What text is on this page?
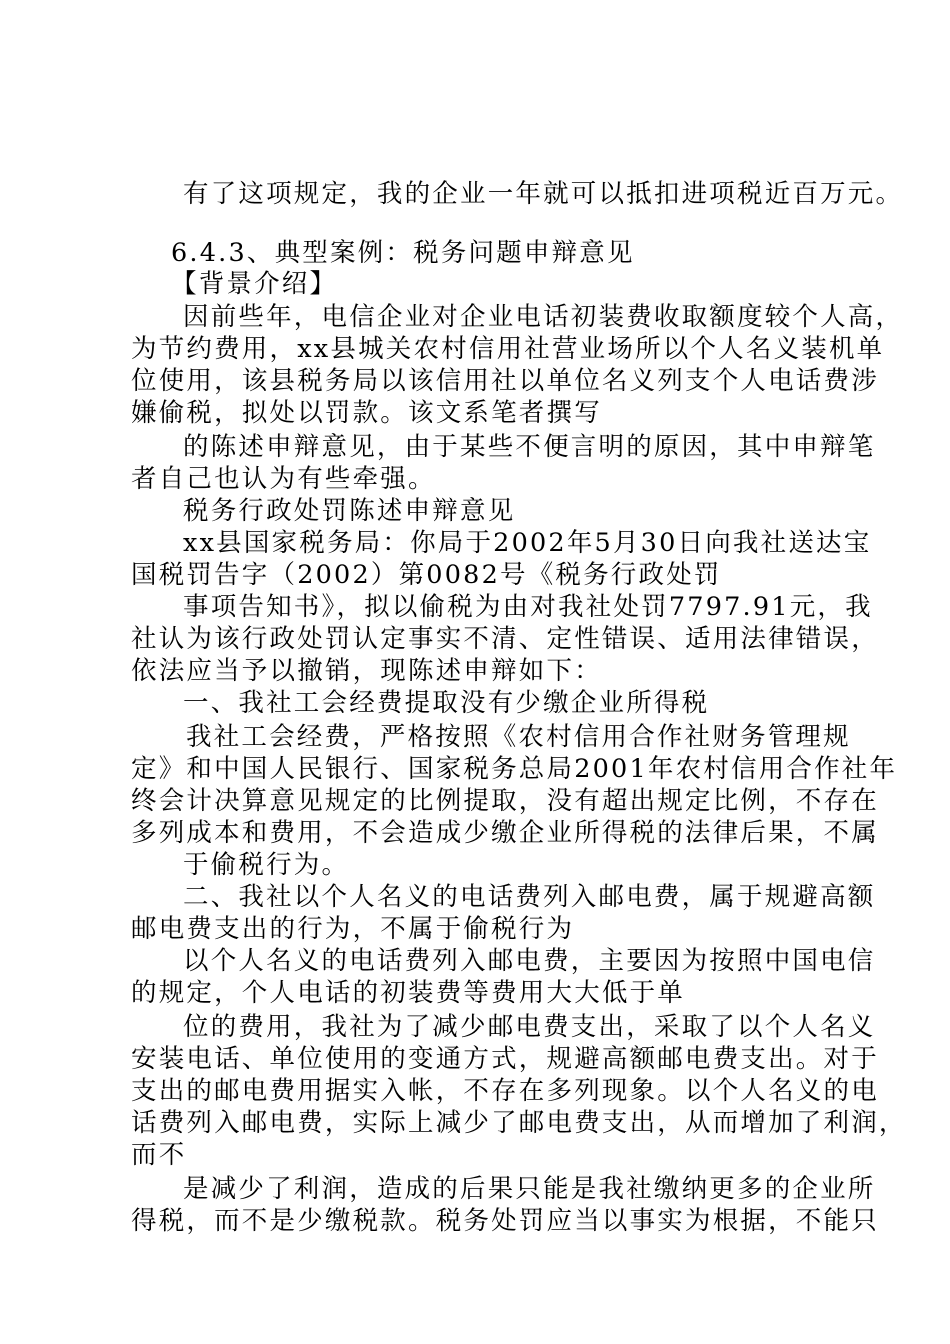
有了这项规定，我的企业一年就可以抵扣进项税近百万元。
6.4.3、典型案例：税务问题申辩意见
【背景介绍】
因前些年，电信企业对企业电话初装费收取额度较个人高，
为节约费用，xx县城关农村信用社营业场所以个人名义装机单
位使用，该县税务局以该信用社以单位名义列支个人电话费涉
嫌偷税，拟处以罚款。该文系笔者撰写
的陈述申辩意见，由于某些不便言明的原因，其中申辩笔
者自己也认为有些牵强。
税务行政处罚陈述申辩意见
xx县国家税务局：你局于2002年5月30日向我社送达宝
国税罚告字（2002）第0082号《税务行政处罚
事项告知书》，拟以偷税为由对我社处罚7797.91元，我
社认为该行政处罚认定事实不清、定性错误、适用法律错误，
依法应当予以撤销，现陈述申辩如下：
一、我社工会经费提取没有少缴企业所得税
我社工会经费，严格按照《农村信用合作社财务管理规
定》和中国人民银行、国家税务总局2001年农村信用合作社年
终会计决算意见规定的比例提取，没有超出规定比例，不存在
多列成本和费用，不会造成少缴企业所得税的法律后果，不属
于偷税行为。
二、我社以个人名义的电话费列入邮电费，属于规避高额
邮电费支出的行为，不属于偷税行为
以个人名义的电话费列入邮电费，主要因为按照中国电信
的规定，个人电话的初装费等费用大大低于单
位的费用，我社为了减少邮电费支出，采取了以个人名义
安装电话、单位使用的变通方式，规避高额邮电费支出。对于
支出的邮电费用据实入帐，不存在多列现象。以个人名义的电
话费列入邮电费，实际上减少了邮电费支出，从而增加了利润，
而不
是减少了利润，造成的后果只能是我社缴纳更多的企业所
得税，而不是少缴税款。税务处罚应当以事实为根据，不能只
